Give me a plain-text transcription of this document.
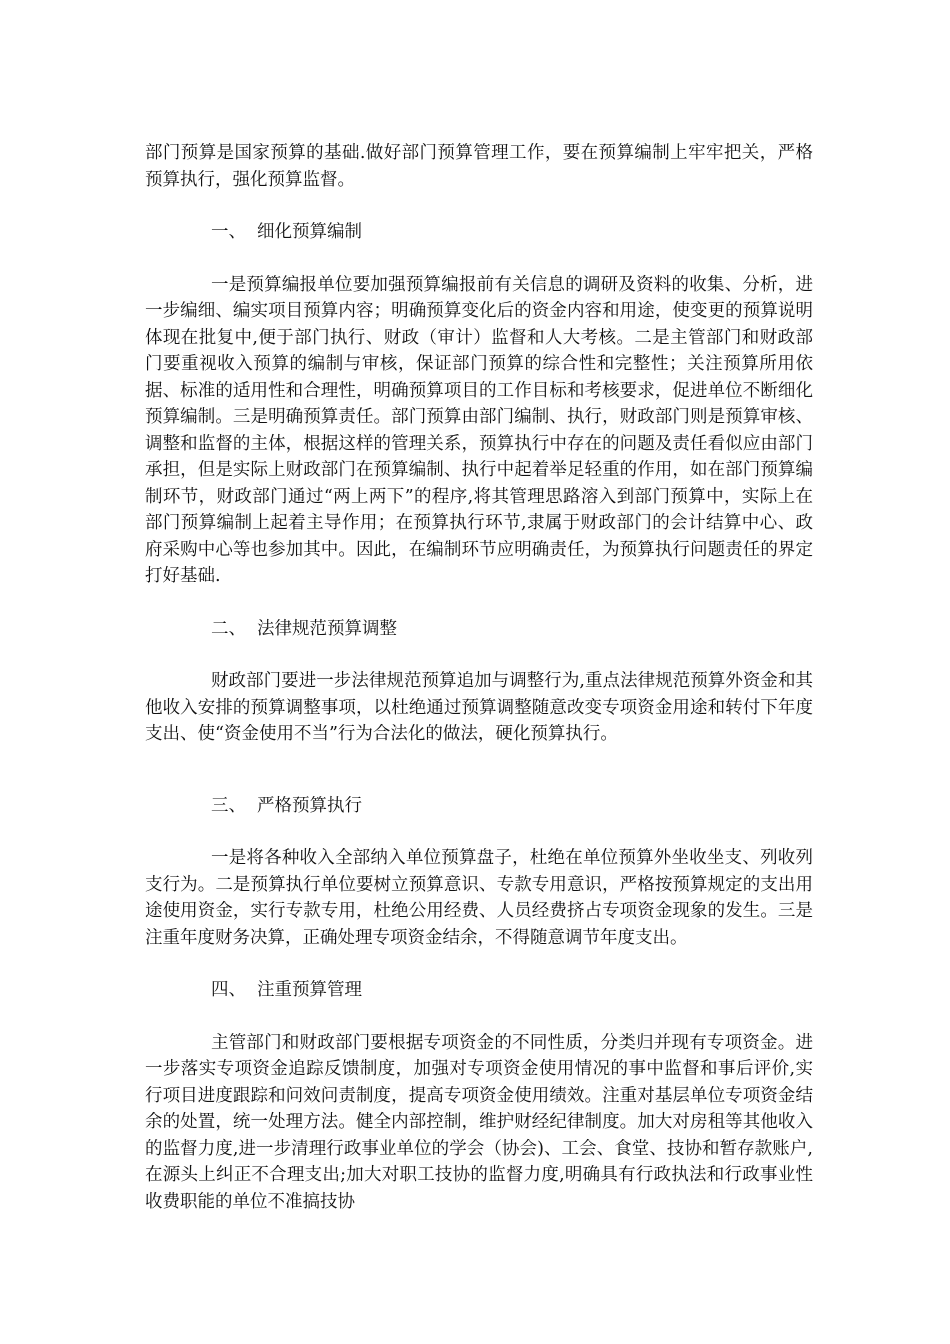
部门预算是国家预算的基础.做好部门预算管理工作，要在预算编制上牢牢把关，严格预算执行，强化预算监督。

一、 细化预算编制

一是预算编报单位要加强预算编报前有关信息的调研及资料的收集、分析，进一步编细、编实项目预算内容；明确预算变化后的资金内容和用途，使变更的预算说明体现在批复中,便于部门执行、财政（审计）监督和人大考核。二是主管部门和财政部门要重视收入预算的编制与审核，保证部门预算的综合性和完整性；关注预算所用依据、标准的适用性和合理性，明确预算项目的工作目标和考核要求，促进单位不断细化预算编制。三是明确预算责任。部门预算由部门编制、执行，财政部门则是预算审核、调整和监督的主体，根据这样的管理关系，预算执行中存在的问题及责任看似应由部门承担，但是实际上财政部门在预算编制、执行中起着举足轻重的作用，如在部门预算编制环节，财政部门通过“两上两下”的程序,将其管理思路溶入到部门预算中，实际上在部门预算编制上起着主导作用；在预算执行环节,隶属于财政部门的会计结算中心、政府采购中心等也参加其中。因此，在编制环节应明确责任，为预算执行问题责任的界定打好基础.

二、 法律规范预算调整

财政部门要进一步法律规范预算追加与调整行为,重点法律规范预算外资金和其他收入安排的预算调整事项，以杜绝通过预算调整随意改变专项资金用途和转付下年度支出、使“资金使用不当”行为合法化的做法，硬化预算执行。

三、 严格预算执行

一是将各种收入全部纳入单位预算盘子，杜绝在单位预算外坐收坐支、列收列支行为。二是预算执行单位要树立预算意识、专款专用意识，严格按预算规定的支出用途使用资金，实行专款专用，杜绝公用经费、人员经费挤占专项资金现象的发生。三是注重年度财务决算，正确处理专项资金结余，不得随意调节年度支出。

四、 注重预算管理

主管部门和财政部门要根据专项资金的不同性质，分类归并现有专项资金。进一步落实专项资金追踪反馈制度，加强对专项资金使用情况的事中监督和事后评价,实行项目进度跟踪和问效问责制度，提高专项资金使用绩效。注重对基层单位专项资金结余的处置，统一处理方法。健全内部控制，维护财经纪律制度。加大对房租等其他收入的监督力度,进一步清理行政事业单位的学会（协会)、工会、食堂、技协和暂存款账户,在源头上纠正不合理支出;加大对职工技协的监督力度,明确具有行政执法和行政事业性收费职能的单位不准搞技协
